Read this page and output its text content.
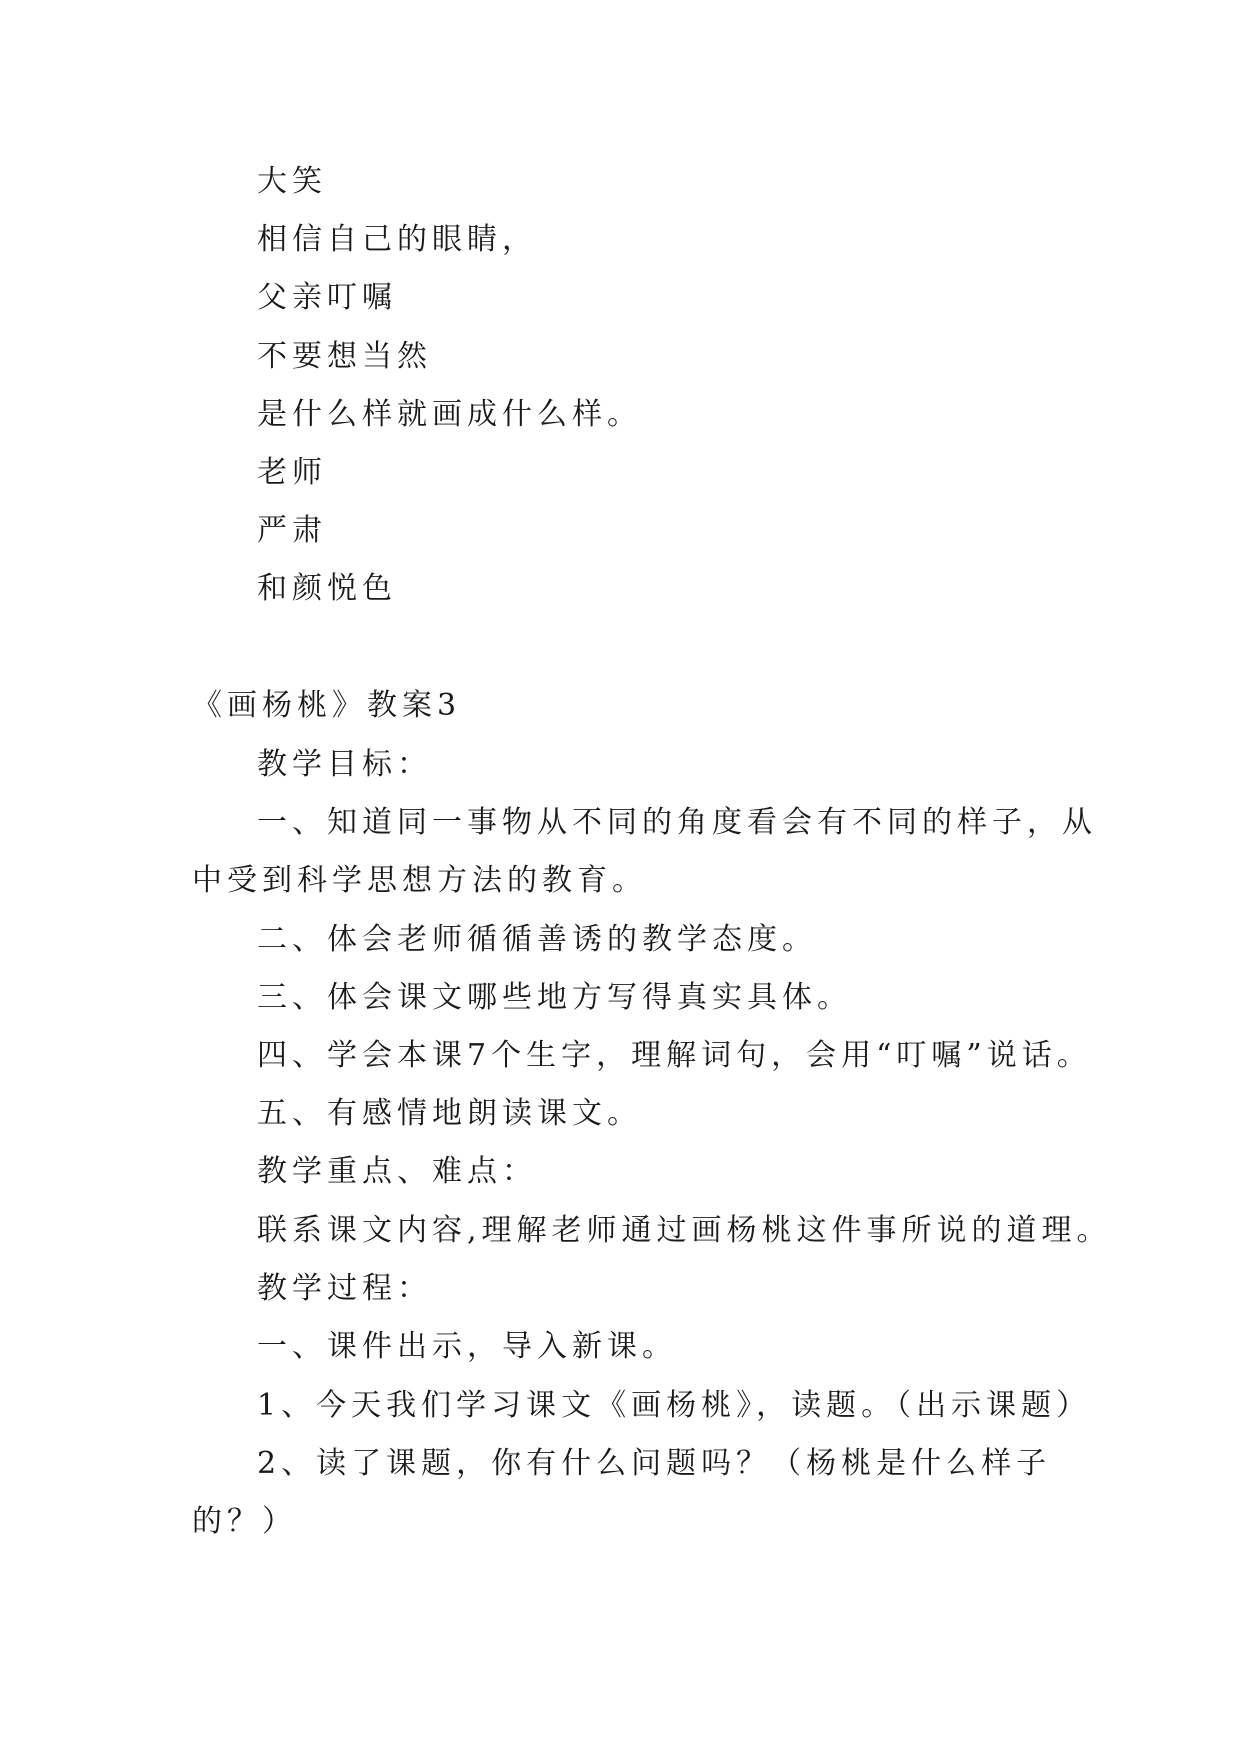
大笑
相信自己的眼睛，
父亲叮嘱
不要想当然
是什么样就画成什么样。
老师
严肃
和颜悦色
《画杨桃》教案3
教学目标：
一、知道同一事物从不同的角度看会有不同的样子，从
中受到科学思想方法的教育。
二、体会老师循循善诱的教学态度。
三、体会课文哪些地方写得真实具体。
四、学会本课7个生字，理解词句，会用“叮嘱”说话。
五、有感情地朗读课文。
教学重点、难点：
联系课文内容,理解老师通过画杨桃这件事所说的道理。
教学过程：
一、课件出示，导入新课。
1、今天我们学习课文《画杨桃》，读题。（出示课题）
2、读了课题，你有什么问题吗？（杨桃是什么样子
的？）
